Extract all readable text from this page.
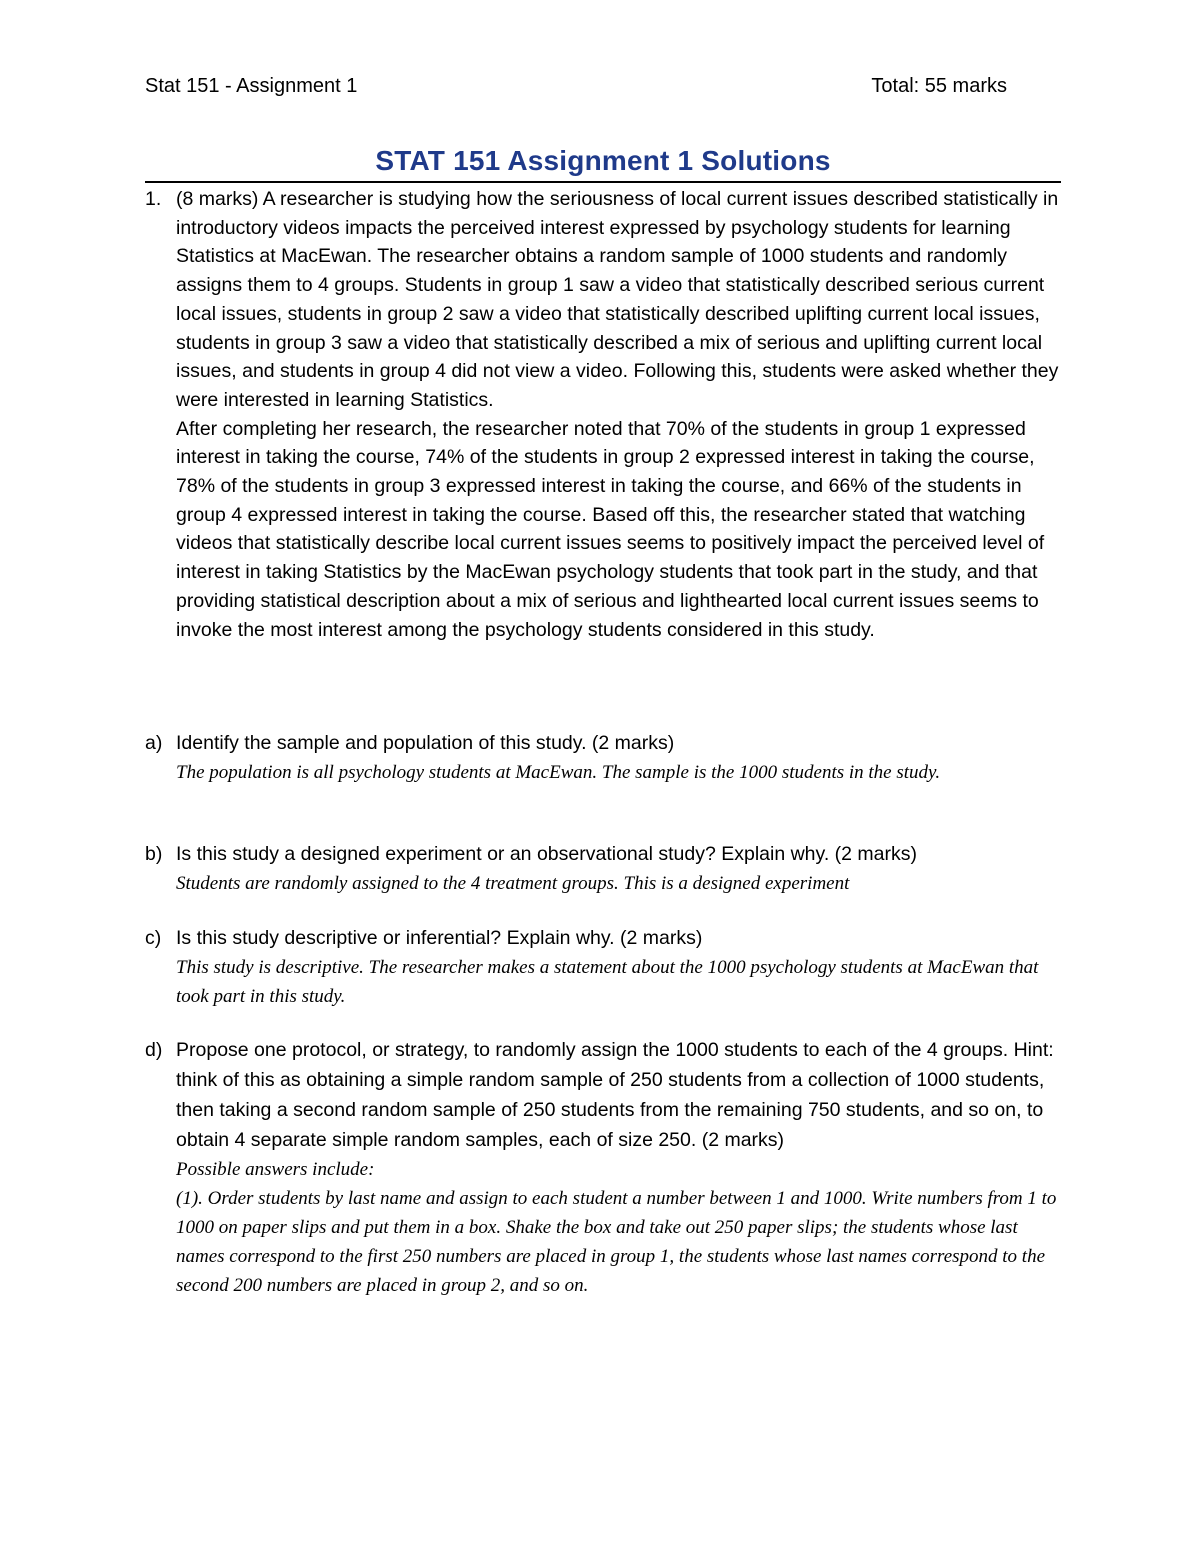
Stat 151 - Assignment 1	Total: 55 marks
STAT 151 Assignment 1 Solutions
1. (8 marks) A researcher is studying how the seriousness of local current issues described statistically in introductory videos impacts the perceived interest expressed by psychology students for learning Statistics at MacEwan. The researcher obtains a random sample of 1000 students and randomly assigns them to 4 groups. Students in group 1 saw a video that statistically described serious current local issues, students in group 2 saw a video that statistically described uplifting current local issues, students in group 3 saw a video that statistically described a mix of serious and uplifting current local issues, and students in group 4 did not view a video. Following this, students were asked whether they were interested in learning Statistics.

After completing her research, the researcher noted that 70% of the students in group 1 expressed interest in taking the course, 74% of the students in group 2 expressed interest in taking the course, 78% of the students in group 3 expressed interest in taking the course, and 66% of the students in group 4 expressed interest in taking the course. Based off this, the researcher stated that watching videos that statistically describe local current issues seems to positively impact the perceived level of interest in taking Statistics by the MacEwan psychology students that took part in the study, and that providing statistical description about a mix of serious and lighthearted local current issues seems to invoke the most interest among the psychology students considered in this study.

a) Identify the sample and population of this study. (2 marks)

The population is all psychology students at MacEwan. The sample is the 1000 students in the study.

b) Is this study a designed experiment or an observational study? Explain why. (2 marks)

Students are randomly assigned to the 4 treatment groups. This is a designed experiment

c) Is this study descriptive or inferential? Explain why. (2 marks)

This study is descriptive. The researcher makes a statement about the 1000 psychology students at MacEwan that took part in this study.

d) Propose one protocol, or strategy, to randomly assign the 1000 students to each of the 4 groups. Hint: think of this as obtaining a simple random sample of 250 students from a collection of 1000 students, then taking a second random sample of 250 students from the remaining 750 students, and so on, to obtain 4 separate simple random samples, each of size 250. (2 marks)

Possible answers include:

(1). Order students by last name and assign to each student a number between 1 and 1000. Write numbers from 1 to 1000 on paper slips and put them in a box. Shake the box and take out 250 paper slips; the students whose last names correspond to the first 250 numbers are placed in group 1, the students whose last names correspond to the second 200 numbers are placed in group 2, and so on.
